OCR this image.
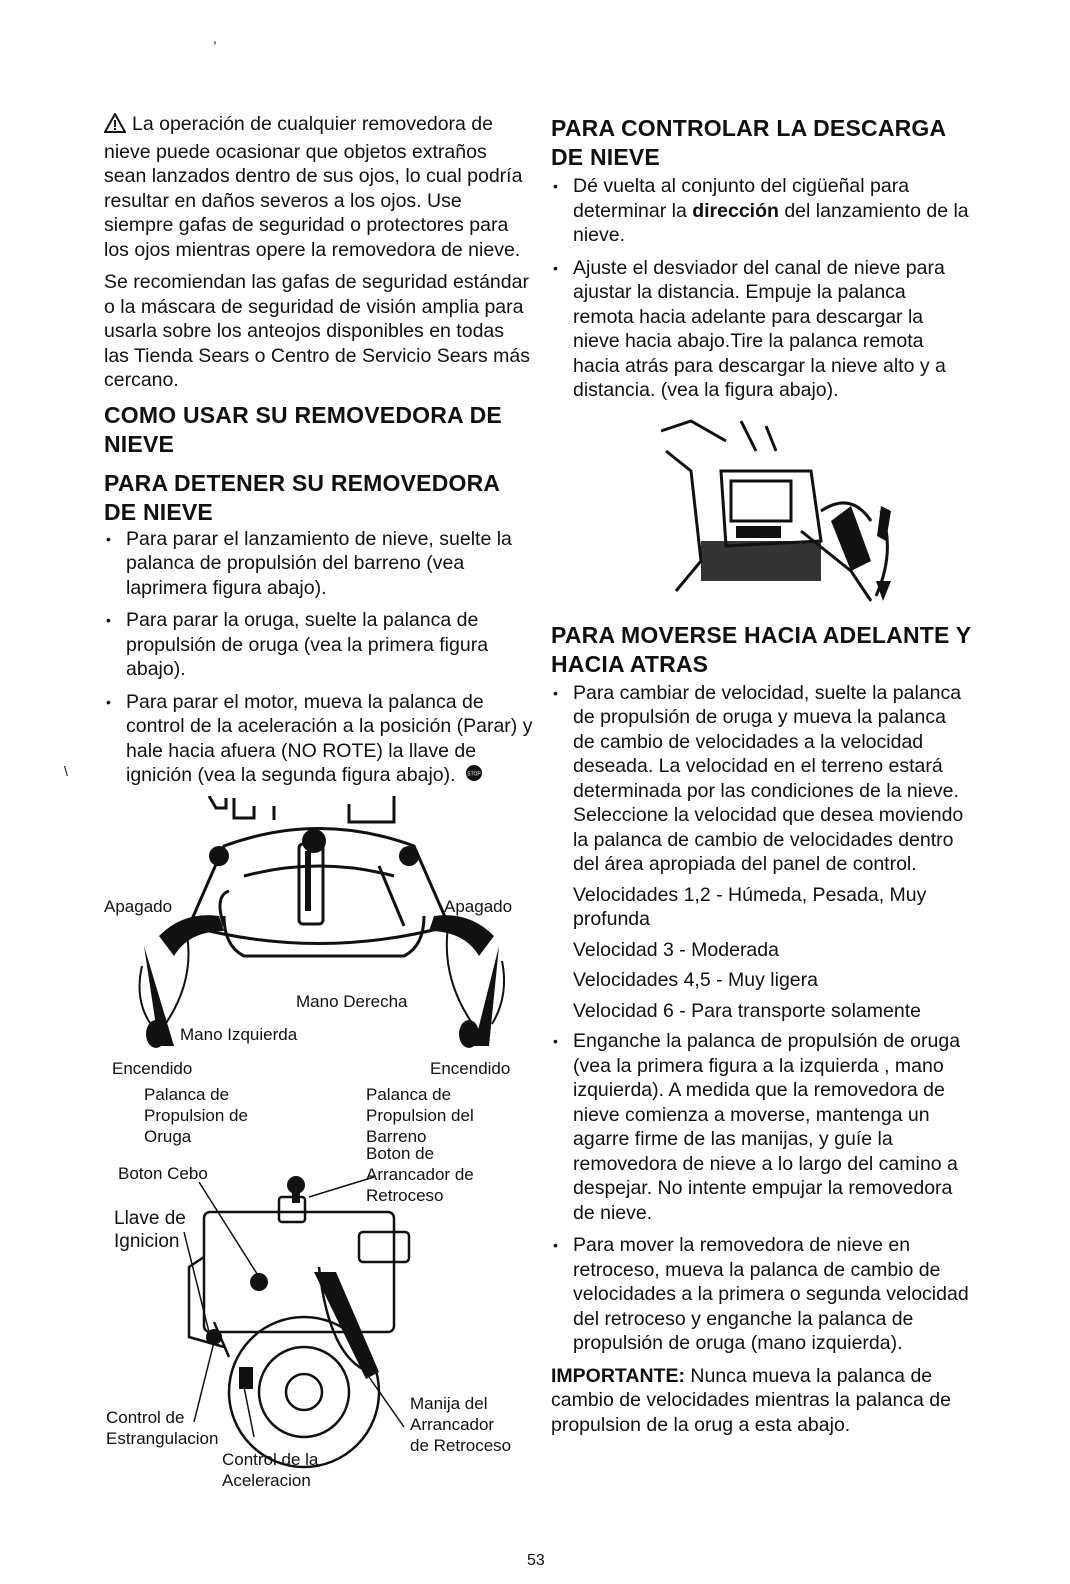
,
\

La operación de cualquier removedora de nieve puede ocasionar que objetos extraños sean lanzados dentro de sus ojos, lo cual podría resultar en daños severos a los ojos. Use siempre gafas de seguridad o protectores para los ojos mientras opere la removedora de nieve.

Se recomiendan las gafas de seguridad estándar o la máscara de seguridad de visión amplia para usarla sobre los anteojos disponibles en todas las Tienda Sears o Centro de Servicio Sears más cercano.

COMO USAR SU REMOVEDORA DE NIEVE
PARA DETENER SU REMOVEDORA DE NIEVE
• Para parar el lanzamiento de nieve, suelte la palanca de propulsión del barreno (vea laprimera figura abajo).
• Para parar la oruga, suelte la palanca de propulsión de oruga (vea la primera figura abajo).
• Para parar el motor, mueva la palanca de control de la aceleración a la posición (Parar) y hale hacia afuera (NO ROTE) la llave de ignición (vea la segunda figura abajo). STOP
Apagado	Apagado
Mano Derecha
Mano Izquierda
Encendido	Encendido
Palanca de
Propulsion de
Oruga
Palanca de
Propulsion del
Barreno
Boton Cebo
Boton de
Arrancador de
Retroceso
Llave de
Ignicion
Control de
Estrangulacion
Control de la
Aceleracion
Manija del
Arrancador
de Retroceso
PARA CONTROLAR LA DESCARGA DE NIEVE
• Dé vuelta al conjunto del cigüeñal para determinar la dirección del lanzamiento de la nieve.
• Ajuste el desviador del canal de nieve para ajustar la distancia. Empuje la palanca remota hacia adelante para descargar la nieve hacia abajo.Tire la palanca remota hacia atrás para descargar la nieve alto y a distancia. (vea la figura abajo).
PARA MOVERSE HACIA ADELANTE Y HACIA ATRAS
• Para cambiar de velocidad, suelte la palanca de propulsión de oruga y mueva la palanca de cambio de velocidades a la velocidad deseada. La velocidad en el terreno estará determinada por las condiciones de la nieve. Seleccione la velocidad que desea moviendo la palanca de cambio de velocidades dentro del área apropiada del panel de control.
Velocidades 1,2 - Húmeda, Pesada, Muy profunda
Velocidad 3 - Moderada
Velocidades 4,5 - Muy ligera
Velocidad 6 - Para transporte solamente
• Enganche la palanca de propulsión de oruga (vea la primera figura a la izquierda , mano izquierda). A medida que la removedora de nieve comienza a moverse, mantenga un agarre firme de las manijas, y guíe la removedora de nieve a lo largo del camino a despejar. No intente empujar la removedora de nieve.
• Para mover la removedora de nieve en retroceso, mueva la palanca de cambio de velocidades a la primera o segunda velocidad del retroceso y enganche la palanca de propulsión de oruga (mano izquierda).

IMPORTANTE: Nunca mueva la palanca de cambio de velocidades mientras la palanca de propulsion de la orug a esta abajo.

53
